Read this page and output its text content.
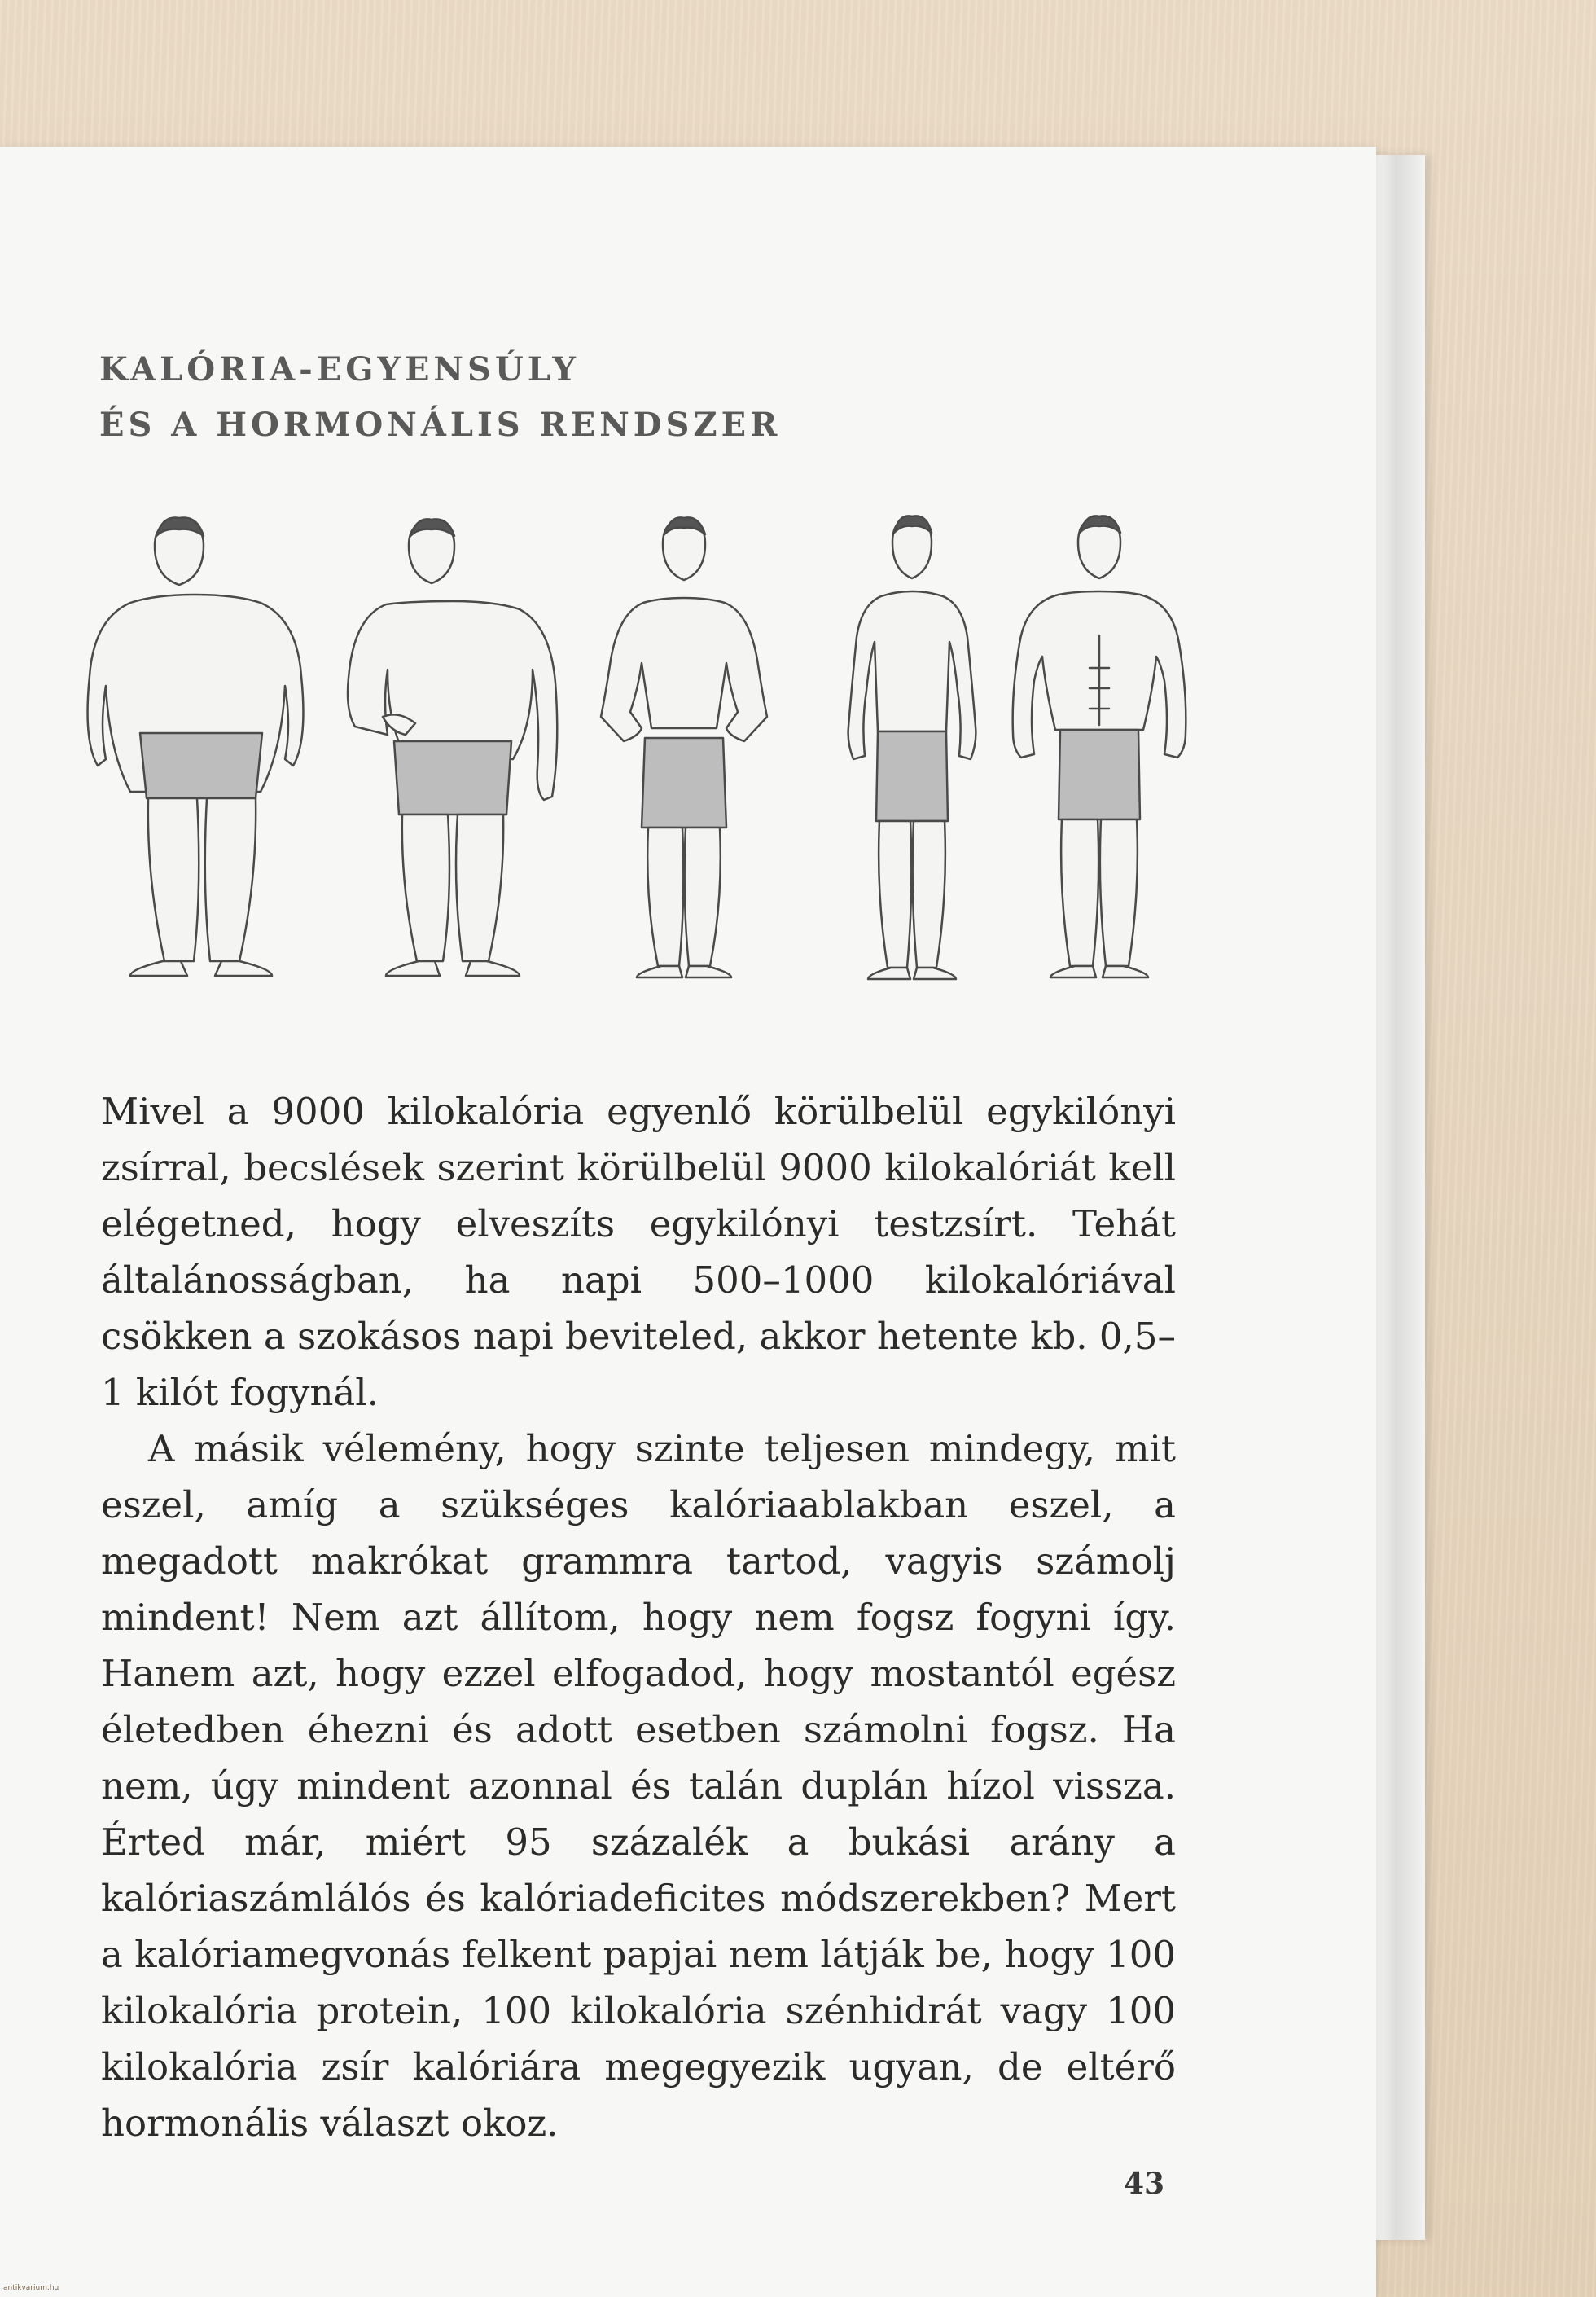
KALÓRIA-EGYENSÚLY
ÉS A HORMONÁLIS RENDSZER

Mivel a 9000 kilokalória egyenlő körülbelül egykilónyi zsírral, becslések szerint körülbelül 9000 kilokalóriát kell elégetned, hogy elveszíts egykilónyi testzsírt. Tehát általánosságban, ha napi 500–1000 kilokalóriával csökken a szokásos napi beviteled, akkor hetente kb. 0,5–1 kilót fogynál.

A másik vélemény, hogy szinte teljesen mindegy, mit eszel, amíg a szükséges kalóriaablakban eszel, a megadott makrókat grammra tartod, vagyis számolj mindent! Nem azt állítom, hogy nem fogsz fogyni így. Hanem azt, hogy ezzel elfogadod, hogy mostantól egész életedben éhezni és adott esetben számolni fogsz. Ha nem, úgy mindent azonnal és talán duplán hízol vissza. Érted már, miért 95 százalék a bukási arány a kalóriaszámlálós és kalóriadeficites módszerekben? Mert a kalóriamegvonás felkent papjai nem látják be, hogy 100 kilokalória protein, 100 kilokalória szénhidrát vagy 100 kilokalória zsír kalóriára megegyezik ugyan, de eltérő hormonális választ okoz.

43

antikvarium.hu
